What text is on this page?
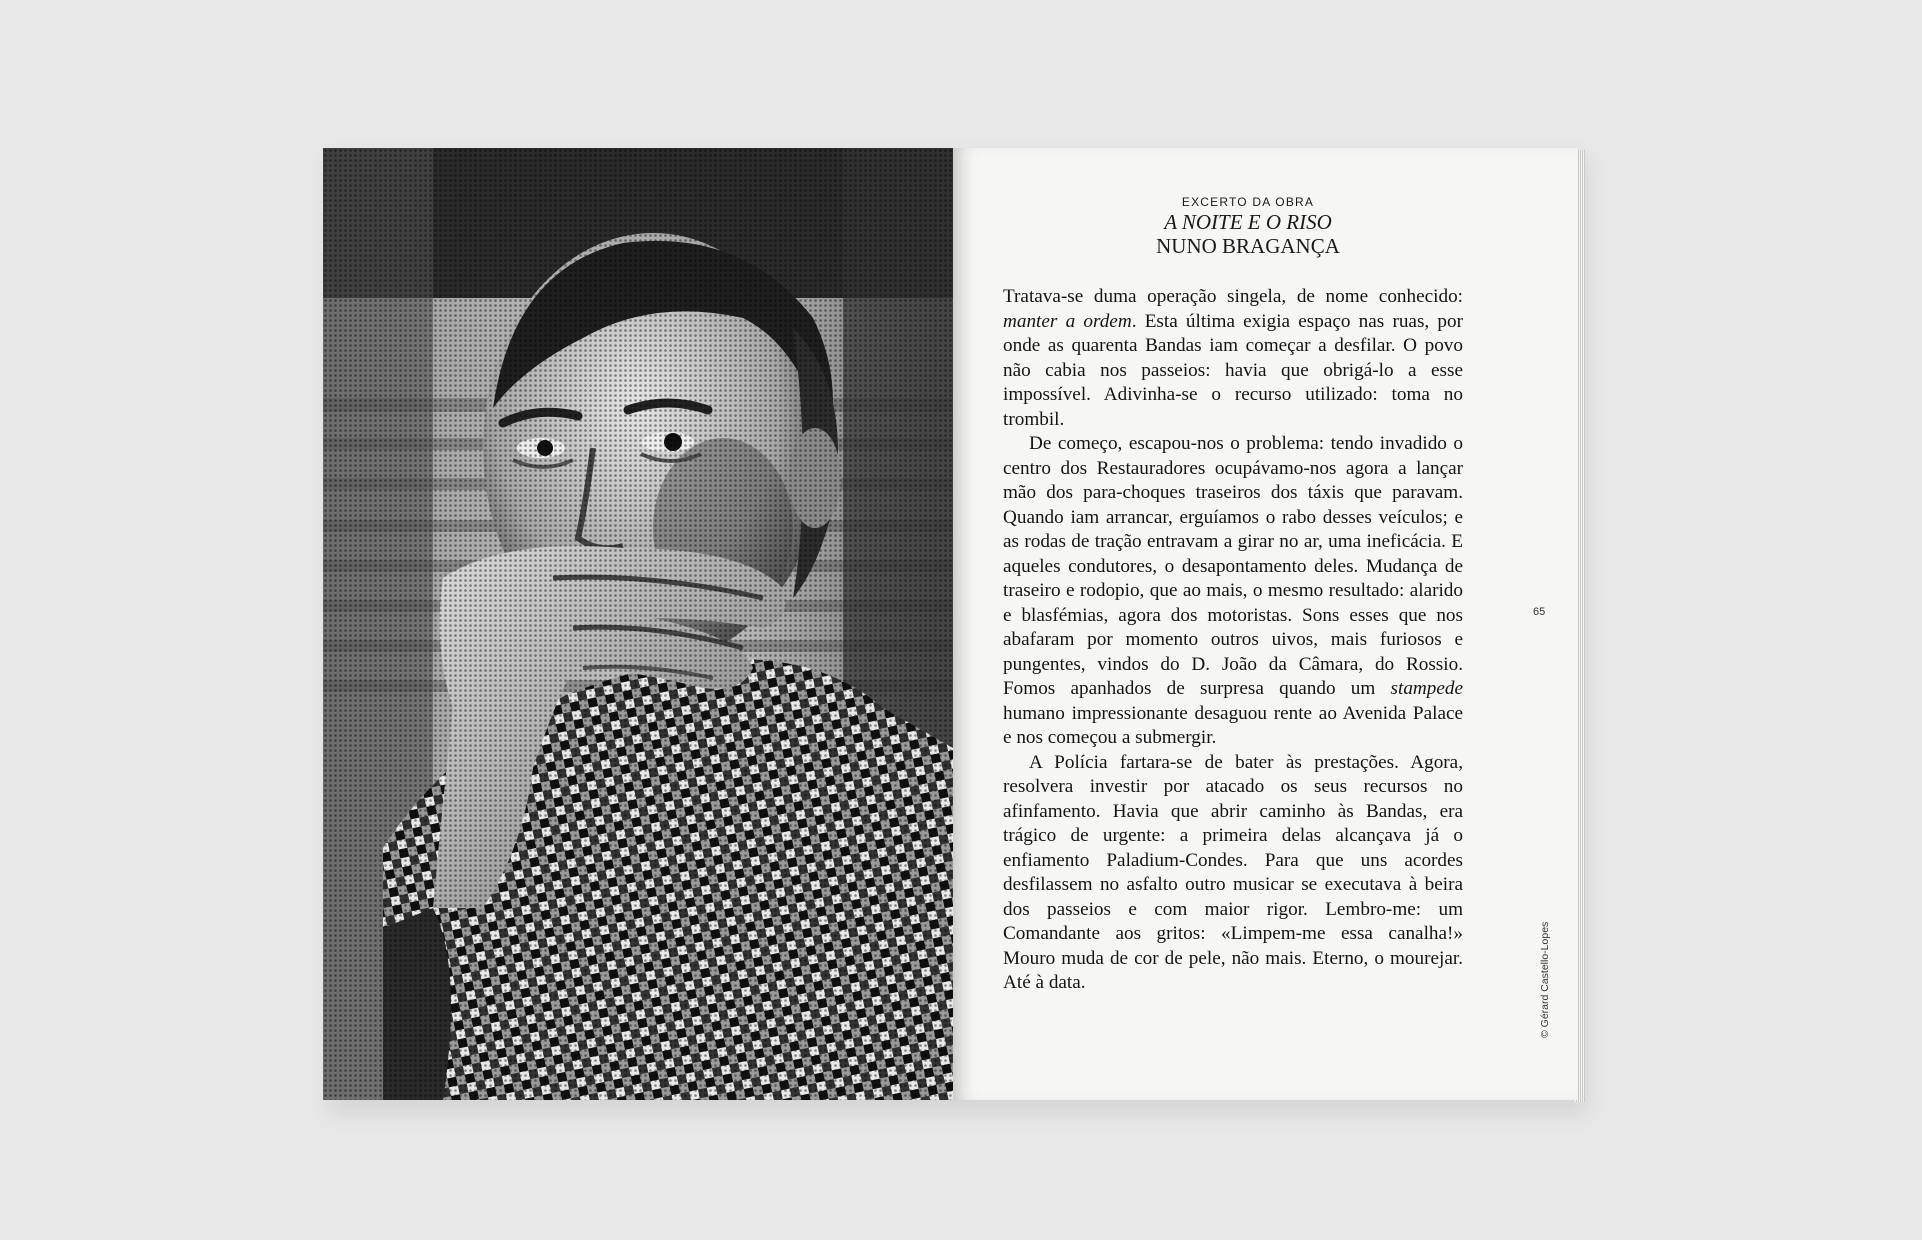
EXCERTO DA OBRA
A NOITE E O RISO
NUNO BRAGANÇA

Tratava-se duma operação singela, de nome conhecido: manter a ordem. Esta última exigia espaço nas ruas, por onde as quarenta Bandas iam começar a desfilar. O povo não cabia nos passeios: havia que obrigá-lo a esse impossível. Adivinha-se o recurso utilizado: toma no trombil.

De começo, escapou-nos o problema: tendo invadido o centro dos Restauradores ocupávamo-nos agora a lançar mão dos para-choques traseiros dos táxis que paravam. Quando iam arrancar, erguíamos o rabo desses veículos; e as rodas de tração entravam a girar no ar, uma ineficácia. E aqueles condutores, o desapontamento deles. Mudança de traseiro e rodopio, que ao mais, o mesmo resultado: alarido e blasfémias, agora dos motoristas. Sons esses que nos abafaram por momento outros uivos, mais furiosos e pungentes, vindos do D. João da Câmara, do Rossio. Fomos apanhados de surpresa quando um stampede humano impressionante desaguou rente ao Avenida Palace e nos começou a submergir.

A Polícia fartara-se de bater às prestações. Agora, resolvera investir por atacado os seus recursos no afinfamento. Havia que abrir caminho às Bandas, era trágico de urgente: a primeira delas alcançava já o enfiamento Paladium-Condes. Para que uns acordes desfilassem no asfalto outro musicar se executava à beira dos passeios e com maior rigor. Lembro-me: um Comandante aos gritos: «Limpem-me essa canalha!» Mouro muda de cor de pele, não mais. Eterno, o mourejar. Até à data.

65
© Gérard Castello-Lopes
